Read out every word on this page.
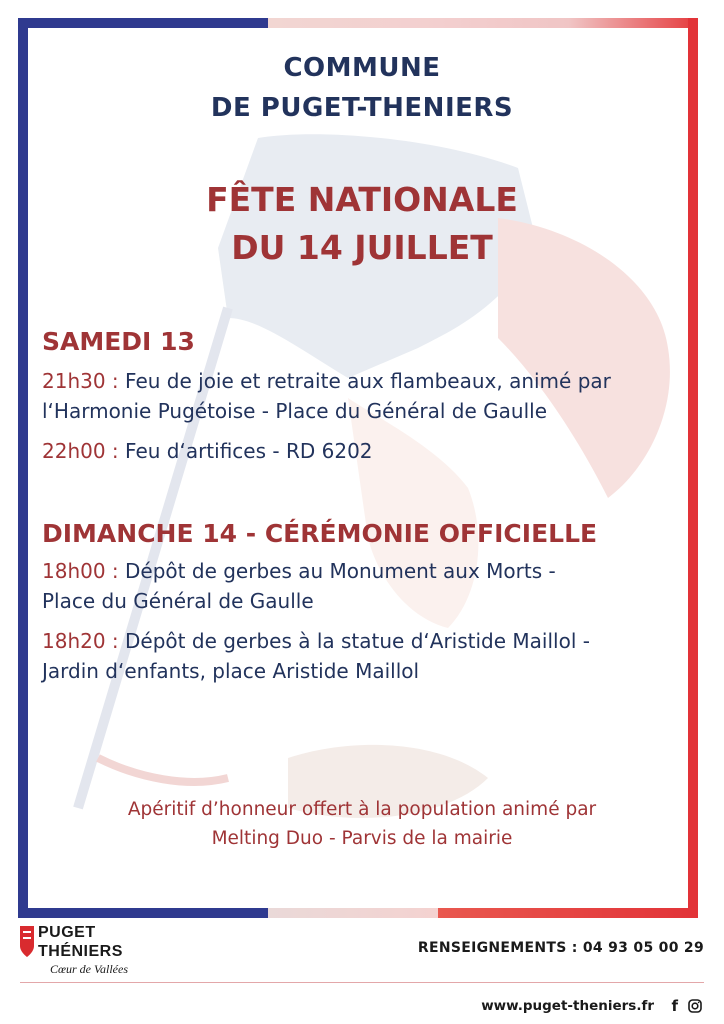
COMMUNE

DE PUGET-THENIERS

FÊTE NATIONALE

DU 14 JUILLET

SAMEDI 13

21h30 : Feu de joie et retraite aux flambeaux, animé par

l‘Harmonie Pugétoise - Place du Général de Gaulle

22h00 : Feu d‘artifices - RD 6202

DIMANCHE 14 - CÉRÉMONIE OFFICIELLE

18h00 : Dépôt de gerbes au Monument aux Morts -

Place du Général de Gaulle

18h20 : Dépôt de gerbes à la statue d‘Aristide Maillol -

Jardin d‘enfants, place Aristide Maillol

Apéritif d’honneur offert à la population animé par
Melting Duo - Parvis de la mairie
PUGET
THÉNIERS
Cœur de Vallées
RENSEIGNEMENTS : 04 93 05 00 29
www.puget-theniers.fr f
